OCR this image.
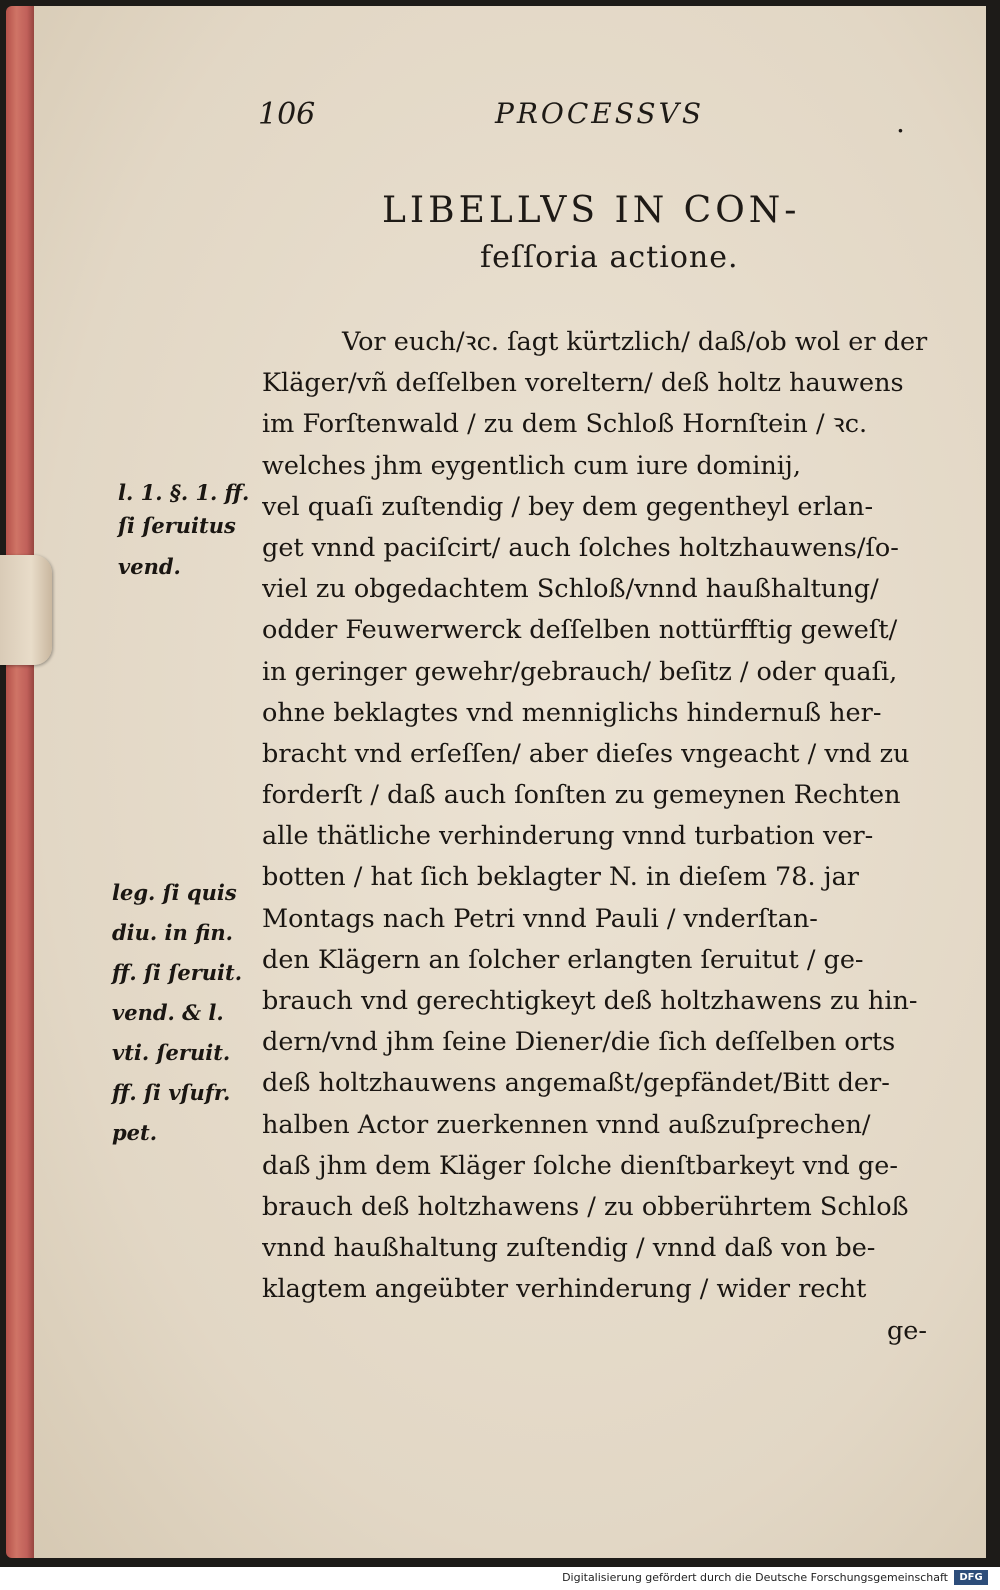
106	PROCESSVS	.
LIBELLVS IN CON-
feſſoria actione.
Vor euch/ꝛc. ſagt kürtzlich/ daß/ob wol er der
Kläger/vñ deſſelben voreltern/ deß holtz hauwens
im Forſtenwald / zu dem Schloß Hornſtein / ꝛc.
welches jhm eygentlich cum iure dominij,
vel quaſi zuſtendig / bey dem gegentheyl erlan-
get vnnd paciſcirt/ auch ſolches holtzhauwens/ſo-
viel zu obgedachtem Schloß/vnnd haußhaltung/
odder Feuwerwerck deſſelben nottürfftig geweſt/
in geringer gewehr/gebrauch/ beſitz / oder quaſi,
ohne beklagtes vnd menniglichs hindernuß her-
bracht vnd erſeſſen/ aber dieſes vngeacht / vnd zu
forderſt / daß auch ſonſten zu gemeynen Rechten
alle thätliche verhinderung vnnd turbation ver-
botten / hat ſich beklagter N. in dieſem 78. jar
Montags nach Petri vnnd Pauli / vnderſtan-
den Klägern an ſolcher erlangten ſeruitut / ge-
brauch vnd gerechtigkeyt deß holtzhawens zu hin-
dern/vnd jhm ſeine Diener/die ſich deſſelben orts
deß holtzhauwens angemaßt/gepfändet/Bitt der-
halben Actor zuerkennen vnnd außzuſprechen/
daß jhm dem Kläger ſolche dienſtbarkeyt vnd ge-
brauch deß holtzhawens / zu obberührtem Schloß
vnnd haußhaltung zuſtendig / vnnd daß von be-
klagtem angeübter verhinderung / wider recht
ge-
l. 1. §. 1. ff.
ſi ſeruitus
vend.
leg. ſi quis
diu. in fin.
ff. ſi ſeruit.
vend. & l.
vti. ſeruit.
ff. ſi vſufr.
pet.
Digitalisierung gefördert durch die Deutsche Forschungsgemeinschaft	DFG
